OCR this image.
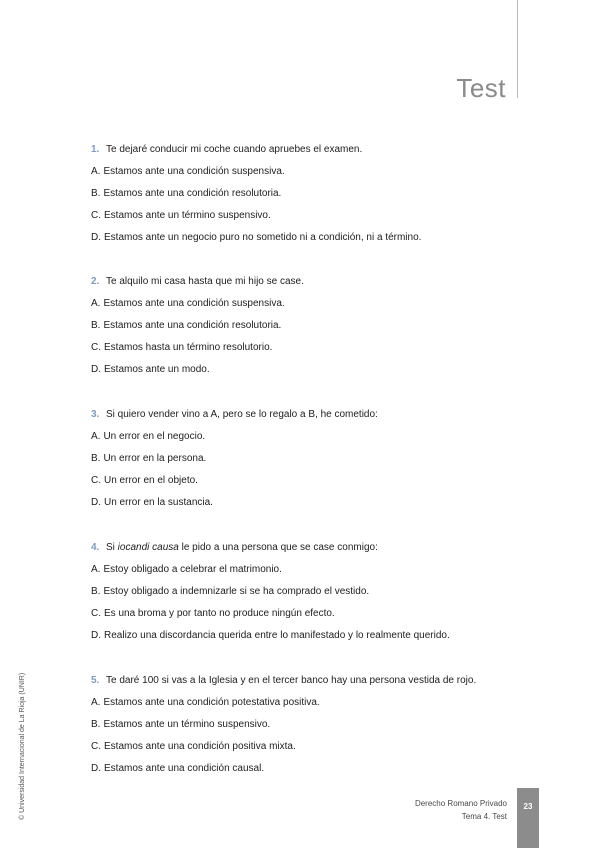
Test
1. Te dejaré conducir mi coche cuando apruebes el examen.
A. Estamos ante una condición suspensiva.
B. Estamos ante una condición resolutoria.
C. Estamos ante un término suspensivo.
D. Estamos ante un negocio puro no sometido ni a condición, ni a término.
2. Te alquilo mi casa hasta que mi hijo se case.
A. Estamos ante una condición suspensiva.
B. Estamos ante una condición resolutoria.
C. Estamos hasta un término resolutorio.
D. Estamos ante un modo.
3. Si quiero vender vino a A, pero se lo regalo a B, he cometido:
A. Un error en el negocio.
B. Un error en la persona.
C. Un error en el objeto.
D. Un error en la sustancia.
4. Si iocandi causa le pido a una persona que se case conmigo:
A. Estoy obligado a celebrar el matrimonio.
B. Estoy obligado a indemnizarle si se ha comprado el vestido.
C. Es una broma y por tanto no produce ningún efecto.
D. Realizo una discordancia querida entre lo manifestado y lo realmente querido.
5. Te daré 100 si vas a la Iglesia y en el tercer banco hay una persona vestida de rojo.
A. Estamos ante una condición potestativa positiva.
B. Estamos ante un término suspensivo.
C. Estamos ante una condición positiva mixta.
D. Estamos ante una condición causal.
Derecho Romano Privado
Tema 4. Test
23
© Universidad Internacional de La Rioja (UNIR)
